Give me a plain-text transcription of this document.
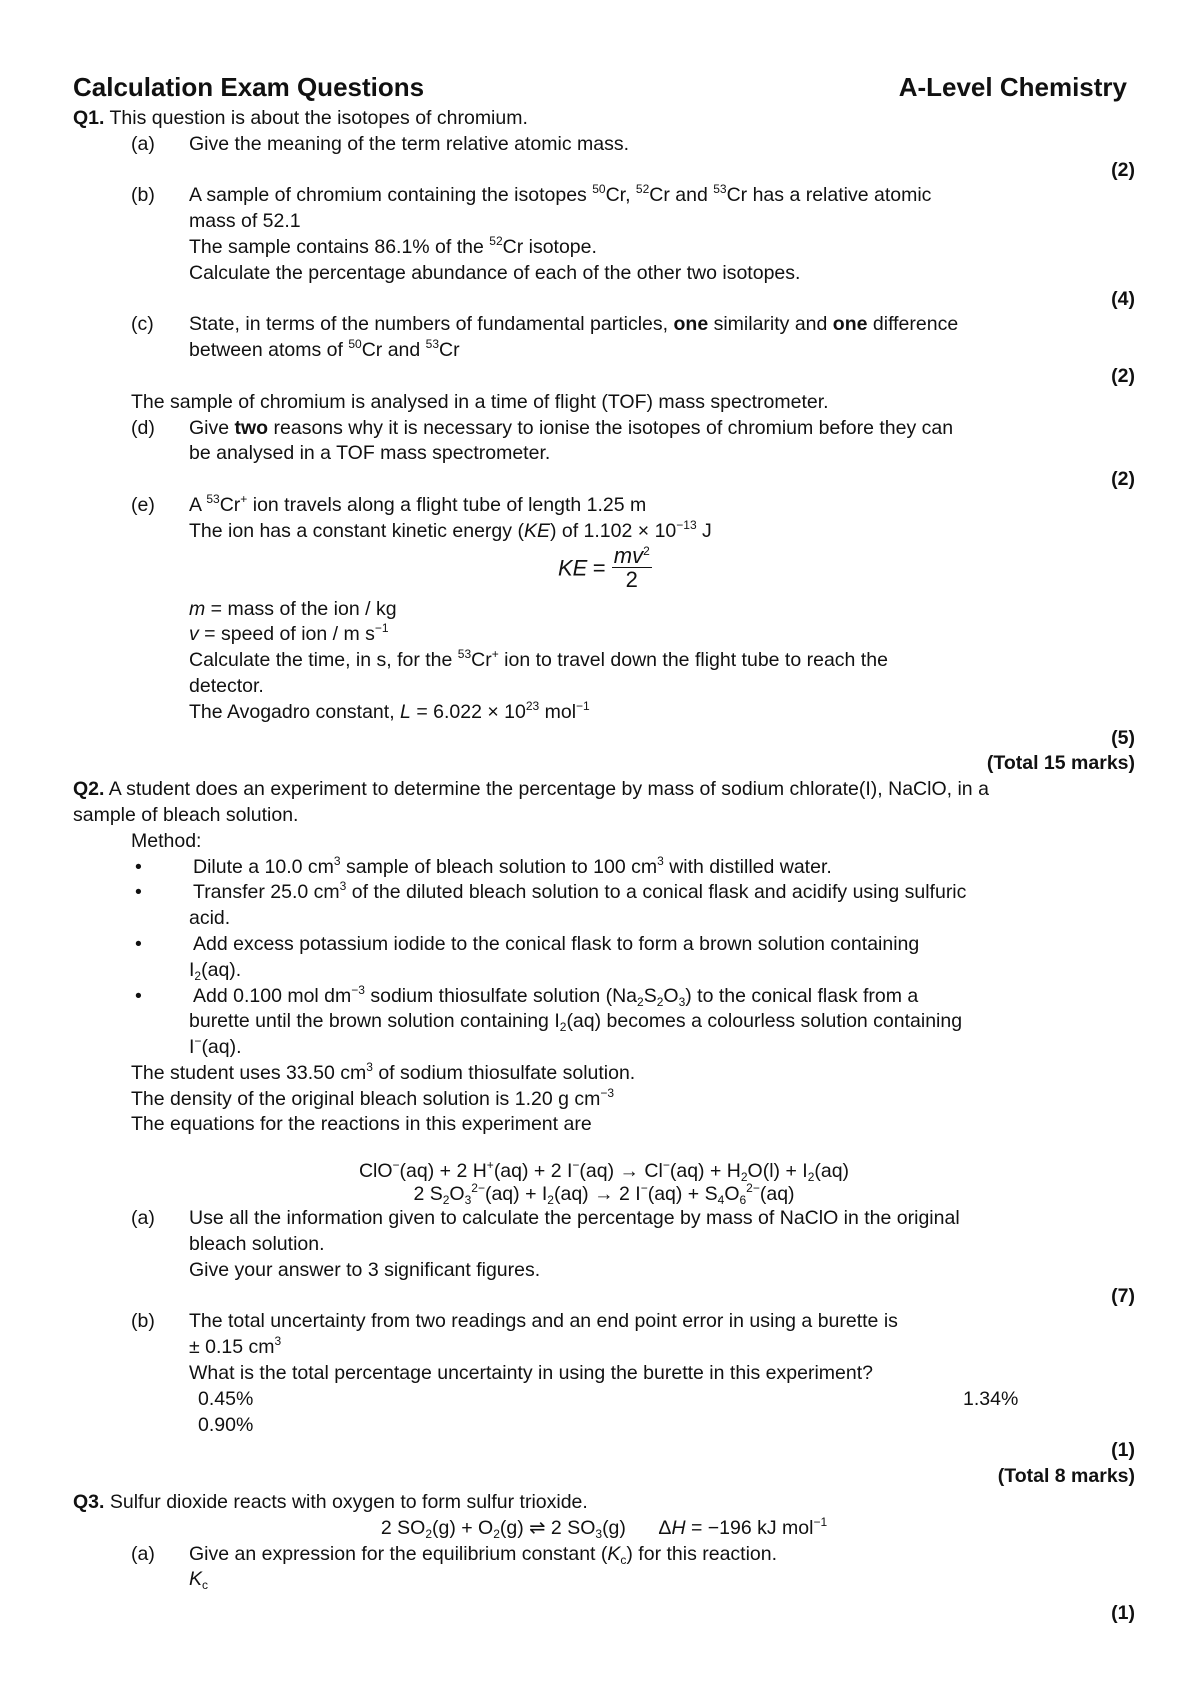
Calculation Exam Questions	A-Level Chemistry
Q1. This question is about the isotopes of chromium.
(a)	Give the meaning of the term relative atomic mass.
(2)
(b)	A sample of chromium containing the isotopes $^{50}$Cr, $^{52}$Cr and $^{53}$Cr has a relative atomic
mass of 52.1
The sample contains 86.1% of the $^{52}$Cr isotope.
Calculate the percentage abundance of each of the other two isotopes.
(4)
(c)	State, in terms of the numbers of fundamental particles, one similarity and one difference
between atoms of $^{50}$Cr and $^{53}$Cr
(2)
The sample of chromium is analysed in a time of flight (TOF) mass spectrometer.
(d)	Give two reasons why it is necessary to ionise the isotopes of chromium before they can
be analysed in a TOF mass spectrometer.
(2)
(e)	A $^{53}$Cr+ ion travels along a flight tube of length 1.25 m
The ion has a constant kinetic energy (KE) of $1.102 \times 10^{-13}$ J
KE = $\frac{mv^2}{2}$
m = mass of the ion / kg
v = speed of ion / m $s^{-1}$
Calculate the time, in s, for the $^{53}$Cr+ ion to travel down the flight tube to reach the
detector.
The Avogadro constant, $L = 6.022 \times 10^{23}$ mol$^{-1}$
(5)
(Total 15 marks)
Q2. A student does an experiment to determine the percentage by mass of sodium chlorate(I), NaClO, in a
sample of bleach solution.
Method:
•	Dilute a 10.0 $cm^3$ sample of bleach solution to 100 $cm^3$ with distilled water.
•	Transfer 25.0 $cm^3$ of the diluted bleach solution to a conical flask and acidify using sulfuric
acid.
•	Add excess potassium iodide to the conical flask to form a brown solution containing
$I_2(aq)$.
•	Add 0.100 mol $dm^{-3}$ sodium thiosulfate solution $(Na_2S_2O_3)$ to the conical flask from a
burette until the brown solution containing $I_2(aq)$ becomes a colourless solution containing
I−(aq).
The student uses 33.50 $cm^3$ of sodium thiosulfate solution.
The density of the original bleach solution is 1.20 g $cm^{-3}$
The equations for the reactions in this experiment are
ClO−(aq) + 2 H+(aq) + 2 $I^-(aq) \to Cl^-(aq) + H_2O(l) + I_2(aq)$
2 $S_2O_3^{2-}(aq) + I_2(aq) \to 2$ $I^-(aq) + S_4O_6^{2-}(aq)$
(a)	Use all the information given to calculate the percentage by mass of NaClO in the original
bleach solution.
Give your answer to 3 significant figures.
(7)
(b)	The total uncertainty from two readings and an end point error in using a burette is
± 0.15 $cm^3$
What is the total percentage uncertainty in using the burette in this experiment?
0.45%	1.34%
0.90%
(1)
(Total 8 marks)
Q3. Sulfur dioxide reacts with oxygen to form sulfur trioxide.
2 $SO_2(g) + O_2(g)$ ⇌ 2 $SO_3(g)$      ΔH = −196 kJ mol$^{-1}$
(a)	Give an expression for the equilibrium constant $(K_c)$ for this reaction.
$K_c$
(1)
